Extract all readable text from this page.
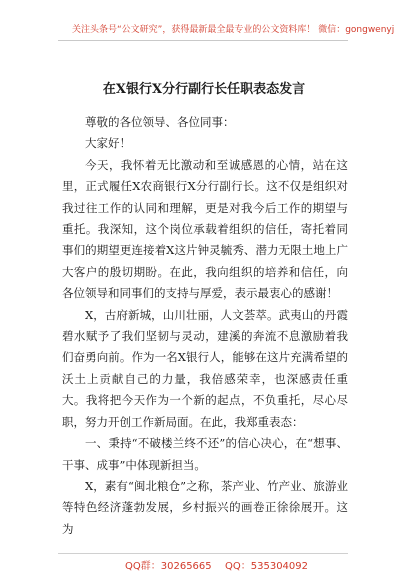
关注头条号“公文研究”，获得最新最全最专业的公文资料库！ 微信：gongwenyj
在X银行X分行副行长任职表态发言

尊敬的各位领导、各位同事：

大家好！

今天，我怀着无比激动和至诚感恩的心情，站在这里，正式履任X农商银行X分行副行长。这不仅是组织对我过往工作的认同和理解，更是对我今后工作的期望与重托。我深知，这个岗位承载着组织的信任，寄托着同事们的期望更连接着X这片钟灵毓秀、潜力无限土地上广大客户的殷切期盼。在此，我向组织的培养和信任，向各位领导和同事们的支持与厚爱，表示最衷心的感谢！

X，古府新城，山川壮丽，人文荟萃。武夷山的丹霞碧水赋予了我们坚韧与灵动，建溪的奔流不息激励着我们奋勇向前。作为一名X银行人，能够在这片充满希望的沃土上贡献自己的力量，我倍感荣幸，也深感责任重大。我将把今天作为一个新的起点，不负重托，尽心尽职，努力开创工作新局面。在此，我郑重表态：

一、秉持“不破楼兰终不还”的信心决心，在“想事、干事、成事”中体现新担当。

X，素有“闽北粮仓”之称，茶产业、竹产业、旅游业等特色经济蓬勃发展，乡村振兴的画卷正徐徐展开。这为

QQ群：30265665 QQ：535304092
